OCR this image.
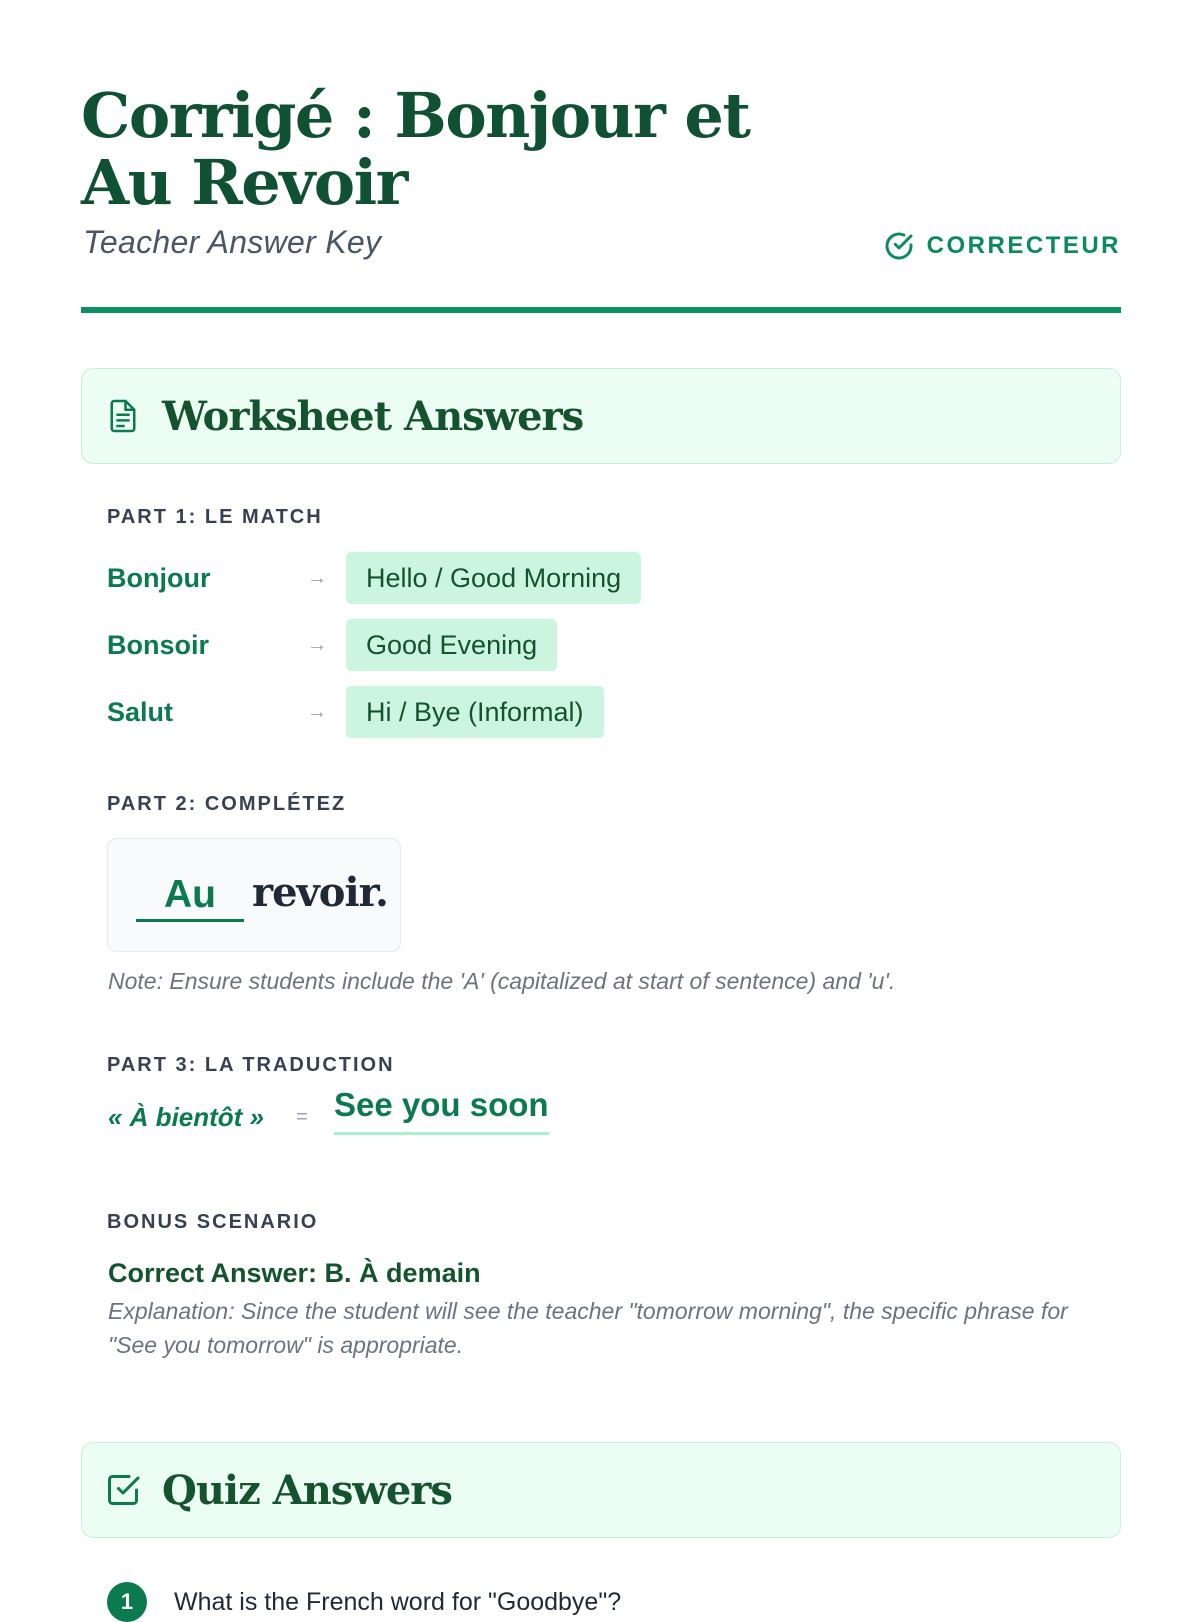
Corrigé : Bonjour et Au Revoir
Teacher Answer Key	CORRECTEUR
Worksheet Answers
PART 1: LE MATCH
Bonjour	→	Hello / Good Morning
Bonsoir	→	Good Evening
Salut	→	Hi / Bye (Informal)
PART 2: COMPLÉTEZ
Au revoir.
Note: Ensure students include the 'A' (capitalized at start of sentence) and 'u'.
PART 3: LA TRADUCTION
« À bientôt » = See you soon
BONUS SCENARIO
Correct Answer: B. À demain
Explanation: Since the student will see the teacher "tomorrow morning", the specific phrase for "See you tomorrow" is appropriate.
Quiz Answers
1	What is the French word for "Goodbye"?
